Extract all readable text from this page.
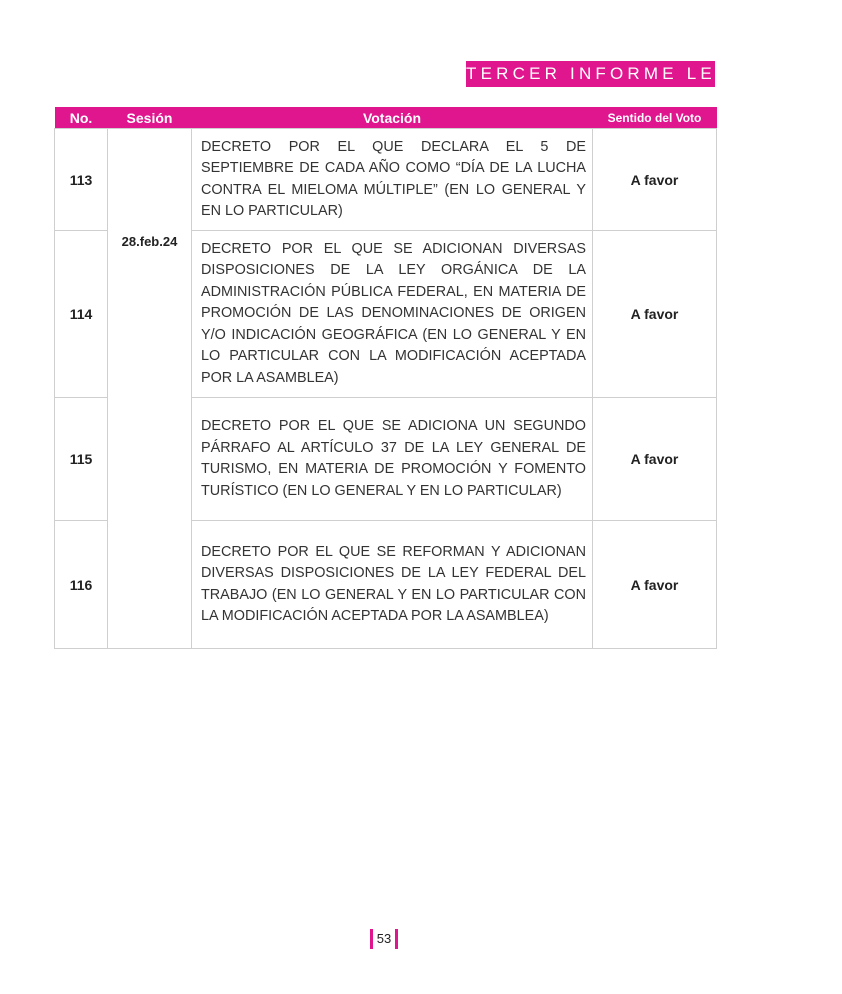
TERCER INFORME LEGISLATIVO
No.	Sesión	Votación	Sentido del Voto
113	28.feb.24	DECRETO POR EL QUE DECLARA EL 5 DE SEPTIEMBRE DE CADA AÑO COMO “DÍA DE LA LUCHA CONTRA EL MIELOMA MÚLTIPLE” (EN LO GENERAL Y EN LO PARTICULAR)	A favor
114		DECRETO POR EL QUE SE ADICIONAN DIVERSAS DISPOSICIONES DE LA LEY ORGÁNICA DE LA ADMINISTRACIÓN PÚBLICA FEDERAL, EN MATERIA DE PROMOCIÓN DE LAS DENOMINACIONES DE ORIGEN Y/O INDICACIÓN GEOGRÁFICA (EN LO GENERAL Y EN LO PARTICULAR CON LA MODIFICACIÓN ACEPTADA POR LA ASAMBLEA)	A favor
115		DECRETO POR EL QUE SE ADICIONA UN SEGUNDO PÁRRAFO AL ARTÍCULO 37 DE LA LEY GENERAL DE TURISMO, EN MATERIA DE PROMOCIÓN Y FOMENTO TURÍSTICO (EN LO GENERAL Y EN LO PARTICULAR)	A favor
116		DECRETO POR EL QUE SE REFORMAN Y ADICIONAN DIVERSAS DISPOSICIONES DE LA LEY FEDERAL DEL TRABAJO (EN LO GENERAL Y EN LO PARTICULAR CON LA MODIFICACIÓN ACEPTADA POR LA ASAMBLEA)	A favor
53
